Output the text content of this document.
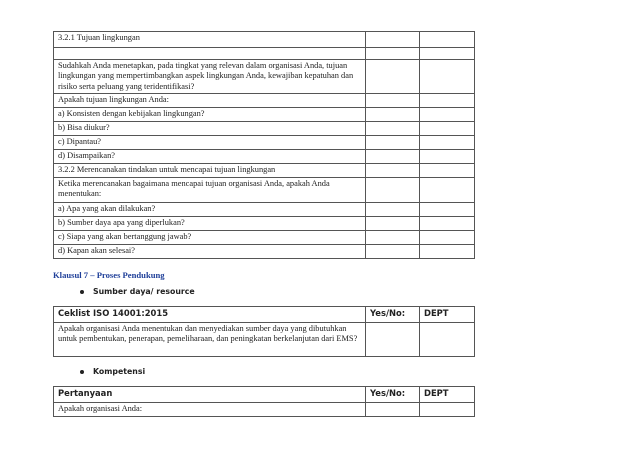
3.2.1 Tujuan lingkungan		

Sudahkah Anda menetapkan, pada tingkat yang relevan dalam organisasi Anda, tujuan lingkungan yang mempertimbangkan aspek lingkungan Anda, kewajiban kepatuhan dan risiko serta peluang yang teridentifikasi?		
Apakah tujuan lingkungan Anda:		
a) Konsisten dengan kebijakan lingkungan?		
b) Bisa diukur?		
c) Dipantau?		
d) Disampaikan?		
3.2.2 Merencanakan tindakan untuk mencapai tujuan lingkungan		
Ketika merencanakan bagaimana mencapai tujuan organisasi Anda, apakah Anda menentukan:		
a) Apa yang akan dilakukan?		
b) Sumber daya apa yang diperlukan?		
c) Siapa yang akan bertanggung jawab?		
d) Kapan akan selesai?		

Klausul 7 – Proses Pendukung

Sumber daya/ resource

Ceklist ISO 14001:2015	Yes/No:	DEPT
Apakah organisasi Anda menentukan dan menyediakan sumber daya yang dibutuhkan untuk pembentukan, penerapan, pemeliharaan, dan peningkatan berkelanjutan dari EMS?		

Kompetensi

Pertanyaan	Yes/No:	DEPT
Apakah organisasi Anda:		
